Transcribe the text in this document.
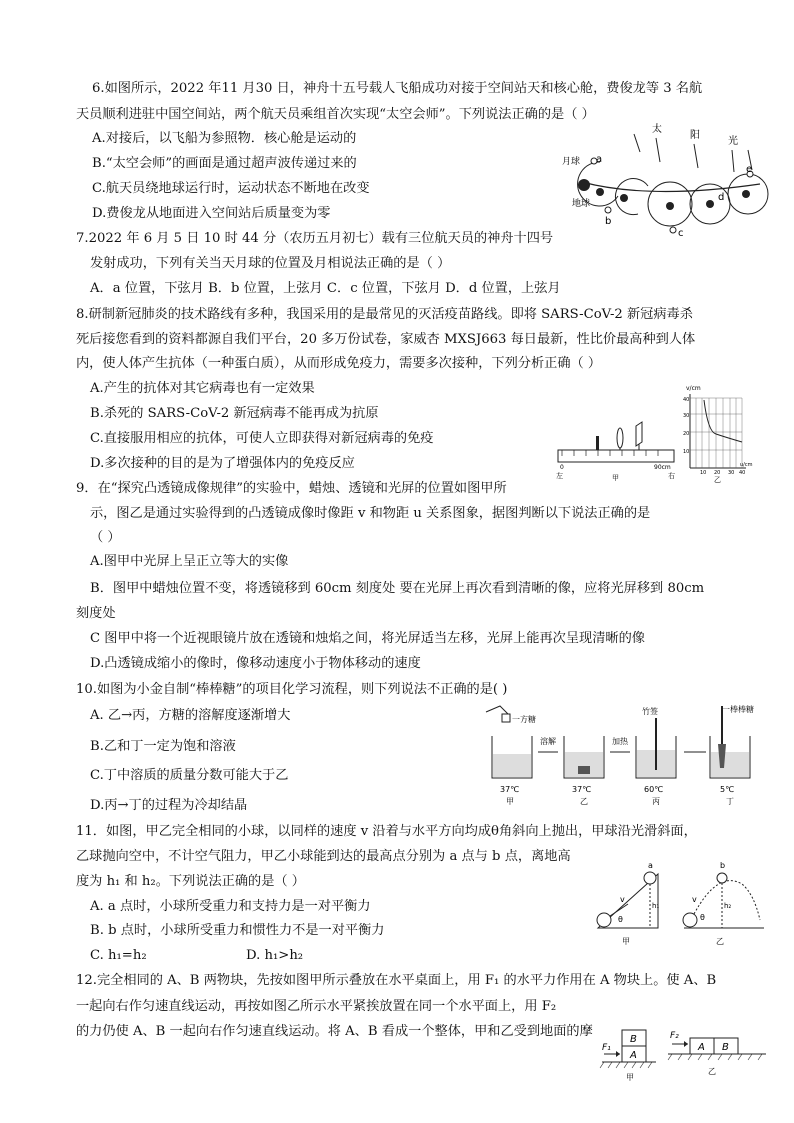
6.如图所示，2022 年11 月30 日，神舟十五号载人飞船成功对接于空间站天和核心舱，费俊龙等 3 名航
天员顺利进驻中国空间站，两个航天员乘组首次实现“太空会师”。下列说法正确的是（ ）
A.对接后，以飞船为参照物．核心舱是运动的
B.“太空会师”的画面是通过超声波传递过来的
C.航天员绕地球运行时，运动状态不断地在改变
D.费俊龙从地面进入空间站后质量变为零
太
阳
光
月球
地球
a
b
c
d
e
7.2022 年 6 月 5 日 10 时 44 分（农历五月初七）载有三位航天员的神舟十四号
发射成功，下列有关当天月球的位置及月相说法正确的是（ ）
A．a 位置，下弦月 B．b 位置，上弦月 C．c 位置，下弦月 D．d 位置，上弦月
8.研制新冠肺炎的技术路线有多种，我国采用的是最常见的灭活疫苗路线。即将 SARS-CoV-2 新冠病毒杀
死后接您看到的资料都源自我们平台，20 多万份试卷，家威杏 MXSJ663 每日最新，性比价最高种到人体
内，使人体产生抗体（一种蛋白质），从而形成免疫力，需要多次接种，下列分析正确（ ）
A.产生的抗体对其它病毒也有一定效果
B.杀死的 SARS-CoV-2 新冠病毒不能再成为抗原
C.直接服用相应的抗体，可使人立即获得对新冠病毒的免疫
D.多次接种的目的是为了增强体内的免疫反应	0	90cm
左	甲	右
v/cm
40
30
20
10
10 20 30 40
u/cm
乙
9．在“探究凸透镜成像规律”的实验中，蜡烛、透镜和光屏的位置如图甲所
示，图乙是通过实验得到的凸透镜成像时像距 v 和物距 u 关系图象，据图判断以下说法正确的是
（ ）
A.图甲中光屏上呈正立等大的实像
B．图甲中蜡烛位置不变，将透镜移到 60cm 刻度处 要在光屏上再次看到清晰的像，应将光屏移到 80cm
刻度处
C 图甲中将一个近视眼镜片放在透镜和烛焰之间，将光屏适当左移，光屏上能再次呈现清晰的像
D.凸透镜成缩小的像时，像移动速度小于物体移动的速度
10.如图为小金自制“棒棒糖”的项目化学习流程，则下列说法不正确的是( )
A. 乙→丙，方糖的溶解度逐渐增大
B.乙和丁一定为饱和溶液
C.丁中溶质的质量分数可能大于乙
D.丙→丁的过程为冷却结晶
一方糖
37℃
甲
溶解
37℃
乙
加热
竹签
60℃
丙
一棒棒糖
5℃
丁
11．如图，甲乙完全相同的小球，以同样的速度 v 沿着与水平方向均成θ角斜向上抛出，甲球沿光滑斜面，
乙球抛向空中，不计空气阻力，甲乙小球能到达的最高点分别为 a 点与 b 点，离地高
度为 h₁ 和 h₂。下列说法正确的是（ ）
A. a 点时，小球所受重力和支持力是一对平衡力
B. b 点时，小球所受重力和惯性力不是一对平衡力
C. h₁=h₂	D. h₁>h₂
v
θ
a
h₁
甲
v
θ
b
h₂
乙
12.完全相同的 A、B 两物块，先按如图甲所示叠放在水平桌面上，用 F₁ 的水平力作用在 A 物块上。使 A、B
一起向右作匀速直线运动，再按如图乙所示水平紧挨放置在同一个水平面上，用 F₂
的力仍使 A、B 一起向右作匀速直线运动。将 A、B 看成一个整体，甲和乙受到地面的摩
A
B
F₁
甲
A B
F₂
乙
